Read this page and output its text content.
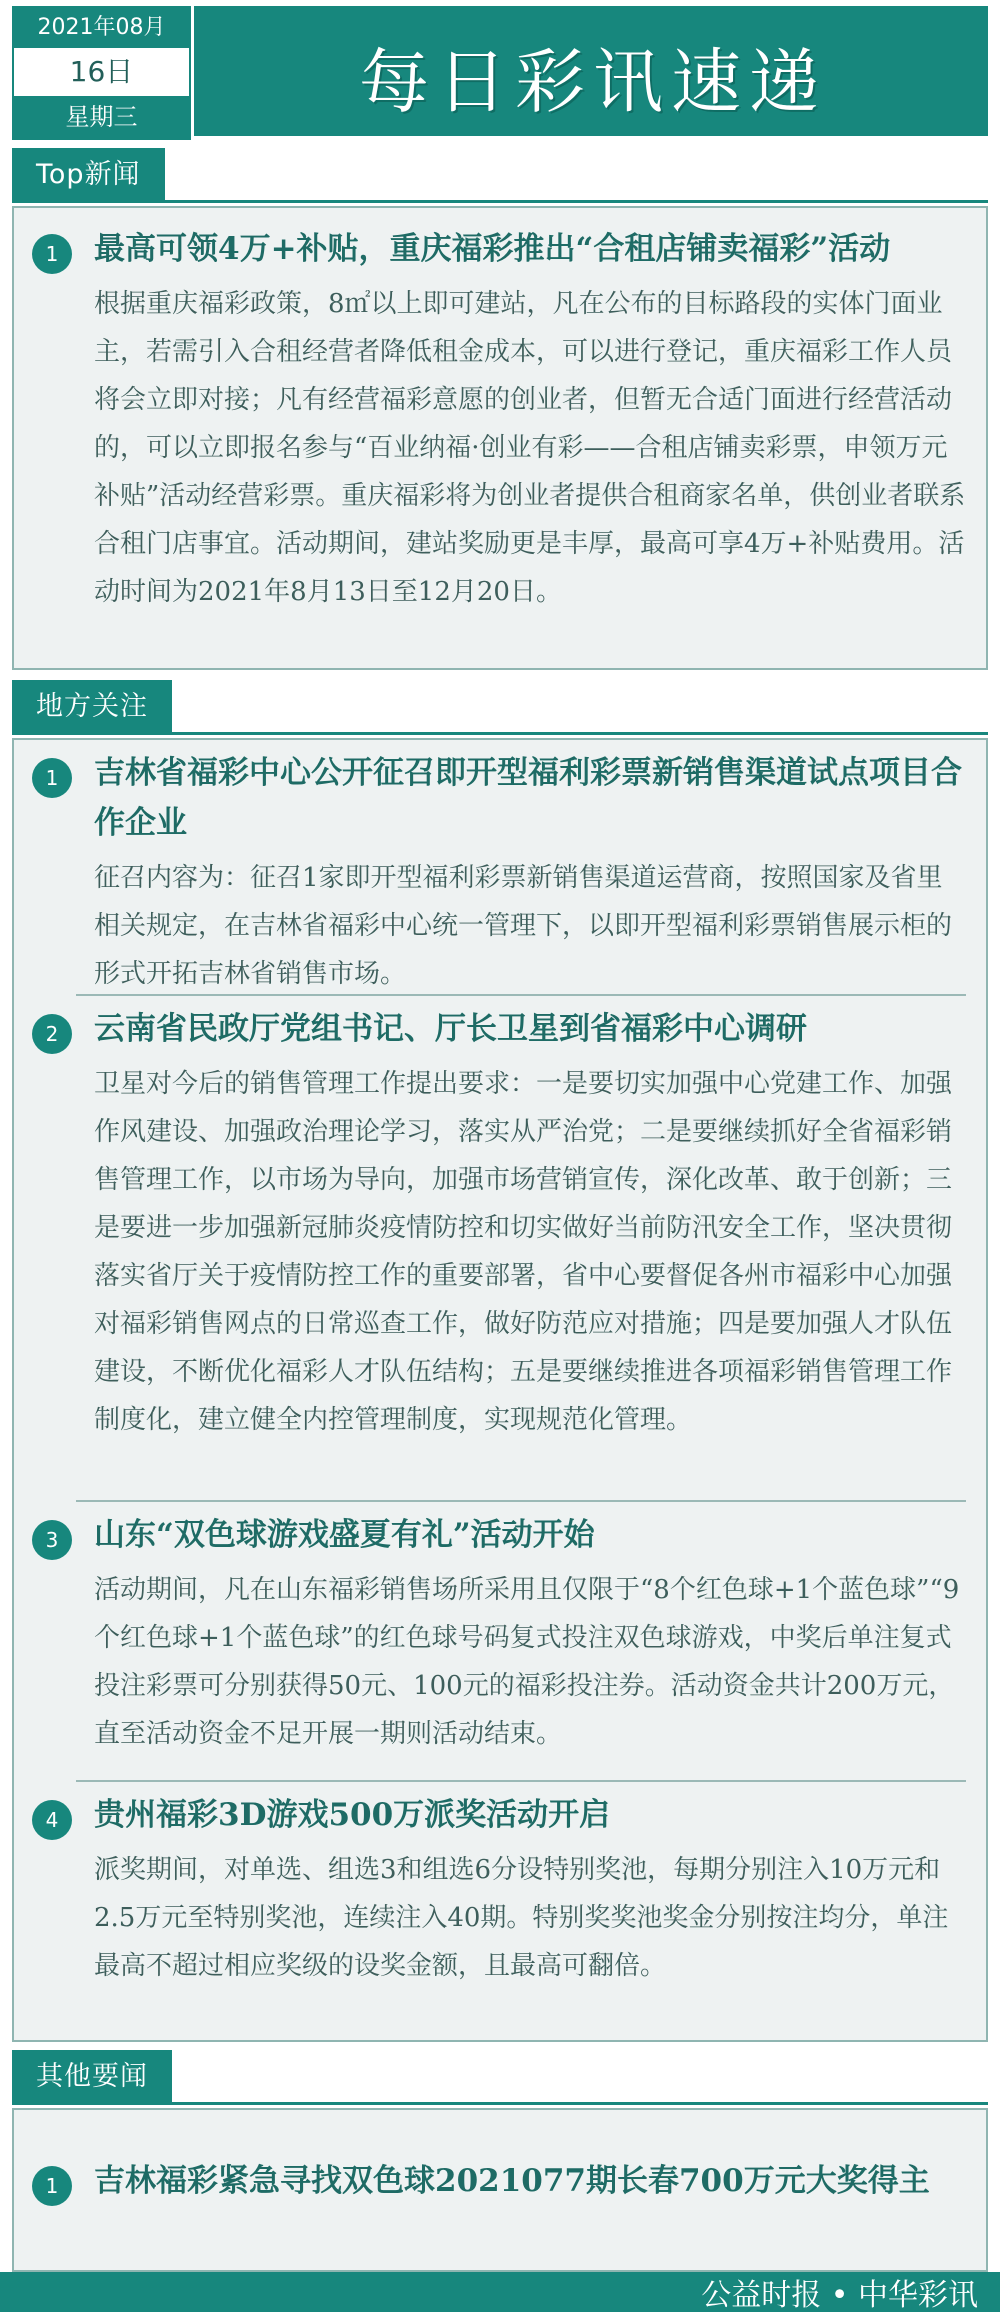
2021年08月
16日
星期三	每日彩讯速递
Top新闻
1	最高可领4万+补贴，重庆福彩推出“合租店铺卖福彩”活动
根据重庆福彩政策，8㎡以上即可建站，凡在公布的目标路段的实体门面业主，若需引入合租经营者降低租金成本，可以进行登记，重庆福彩工作人员将会立即对接；凡有经营福彩意愿的创业者，但暂无合适门面进行经营活动的，可以立即报名参与“百业纳福·创业有彩——合租店铺卖彩票，申领万元补贴”活动经营彩票。重庆福彩将为创业者提供合租商家名单，供创业者联系合租门店事宜。活动期间，建站奖励更是丰厚，最高可享4万+补贴费用。活动时间为2021年8月13日至12月20日。
地方关注
1	吉林省福彩中心公开征召即开型福利彩票新销售渠道试点项目合作企业
征召内容为：征召1家即开型福利彩票新销售渠道运营商，按照国家及省里相关规定，在吉林省福彩中心统一管理下，以即开型福利彩票销售展示柜的形式开拓吉林省销售市场。
2	云南省民政厅党组书记、厅长卫星到省福彩中心调研
卫星对今后的销售管理工作提出要求：一是要切实加强中心党建工作、加强作风建设、加强政治理论学习，落实从严治党；二是要继续抓好全省福彩销售管理工作，以市场为导向，加强市场营销宣传，深化改革、敢于创新；三是要进一步加强新冠肺炎疫情防控和切实做好当前防汛安全工作，坚决贯彻落实省厅关于疫情防控工作的重要部署，省中心要督促各州市福彩中心加强对福彩销售网点的日常巡查工作，做好防范应对措施；四是要加强人才队伍建设，不断优化福彩人才队伍结构；五是要继续推进各项福彩销售管理工作制度化，建立健全内控管理制度，实现规范化管理。
3	山东“双色球游戏盛夏有礼”活动开始
活动期间，凡在山东福彩销售场所采用且仅限于“8个红色球+1个蓝色球”“9个红色球+1个蓝色球”的红色球号码复式投注双色球游戏，中奖后单注复式投注彩票可分别获得50元、100元的福彩投注券。活动资金共计200万元，直至活动资金不足开展一期则活动结束。
4	贵州福彩3D游戏500万派奖活动开启
派奖期间，对单选、组选3和组选6分设特别奖池，每期分别注入10万元和2.5万元至特别奖池，连续注入40期。特别奖奖池奖金分别按注均分，单注最高不超过相应奖级的设奖金额，且最高可翻倍。
其他要闻
1	吉林福彩紧急寻找双色球2021077期长春700万元大奖得主
公益时报 • 中华彩讯
